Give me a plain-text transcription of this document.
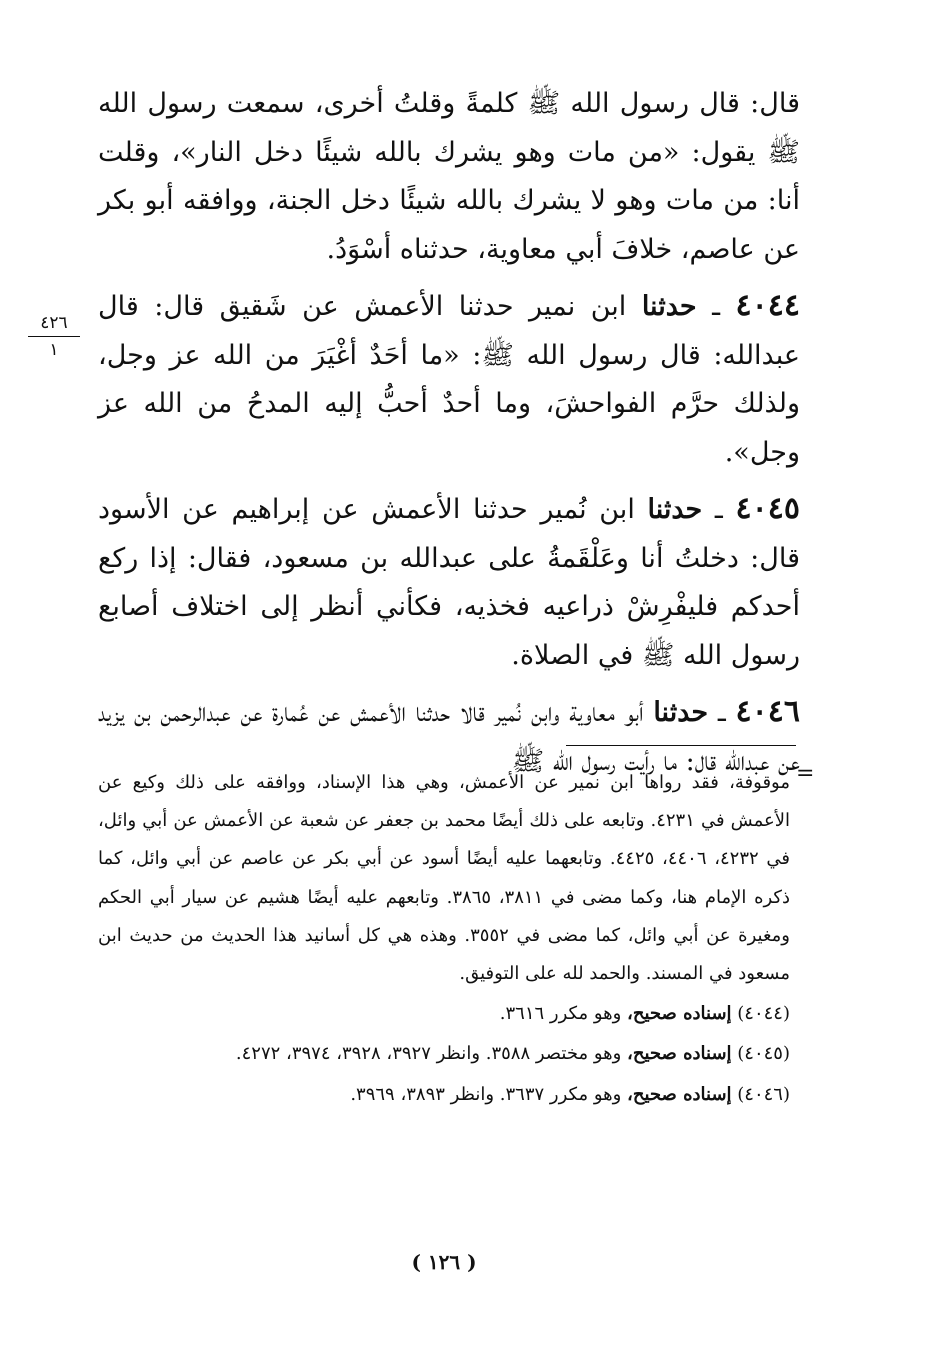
٤٢٦
١

قال: قال رسول الله ﷺ كلمةً وقلتُ أخرى، سمعت رسول الله ﷺ يقول: «من مات وهو يشرك بالله شيئًا دخل النار»، وقلت أنا: من مات وهو لا يشرك بالله شيئًا دخل الجنة، ووافقه أبو بكر عن عاصم، خلافَ أبي معاوية، حدثناه أسْوَدُ.

٤٠٤٤ ـ حدثنا ابن نمير حدثنا الأعمش عن شَقيق قال: قال عبدالله: قال رسول الله ﷺ: «ما أحَدٌ أغْيَرَ من الله عز وجل، ولذلك حرَّم الفواحشَ، وما أحدٌ أحبُّ إليه المدحُ من الله عز وجل».

٤٠٤٥ ـ حدثنا ابن نُمير حدثنا الأعمش عن إبراهيم عن الأسود قال: دخلتُ أنا وعَلْقَمةُ على عبدالله بن مسعود، فقال: إذا ركع أحدكم فليفْرِشْ ذراعيه فخذيه، فكأني أنظر إلى اختلاف أصابع رسول الله ﷺ في الصلاة.

٤٠٤٦ ـ حدثنا أبو معاوية وابن نُمير قالا حدثنا الأعمش عن عُمارة عن عبدالرحمن بن يزيد عن عبدالله قال: ما رأيت رسول الله ﷺ

=

موقوفة، فقد رواها ابن نمير عن الأعمش، وهي هذا الإسناد، ووافقه على ذلك وكيع عن الأعمش في ٤٢٣١. وتابعه على ذلك أيضًا محمد بن جعفر عن شعبة عن الأعمش عن أبي وائل، في ٤٢٣٢، ٤٤٠٦، ٤٤٢٥. وتابعهما عليه أيضًا أسود عن أبي بكر عن عاصم عن أبي وائل، كما ذكره الإمام هنا، وكما مضى في ٣٨١١، ٣٨٦٥. وتابعهم عليه أيضًا هشيم عن سيار أبي الحكم ومغيرة عن أبي وائل، كما مضى في ٣٥٥٢. وهذه هي كل أسانيد هذا الحديث من حديث ابن مسعود في المسند. والحمد لله على التوفيق.

(٤٠٤٤) إسناده صحيح، وهو مكرر ٣٦١٦.

(٤٠٤٥) إسناده صحيح، وهو مختصر ٣٥٨٨. وانظر ٣٩٢٧، ٣٩٢٨، ٣٩٧٤، ٤٢٧٢.

(٤٠٤٦) إسناده صحيح، وهو مكرر ٣٦٣٧. وانظر ٣٨٩٣، ٣٩٦٩.

( ١٢٦ )
